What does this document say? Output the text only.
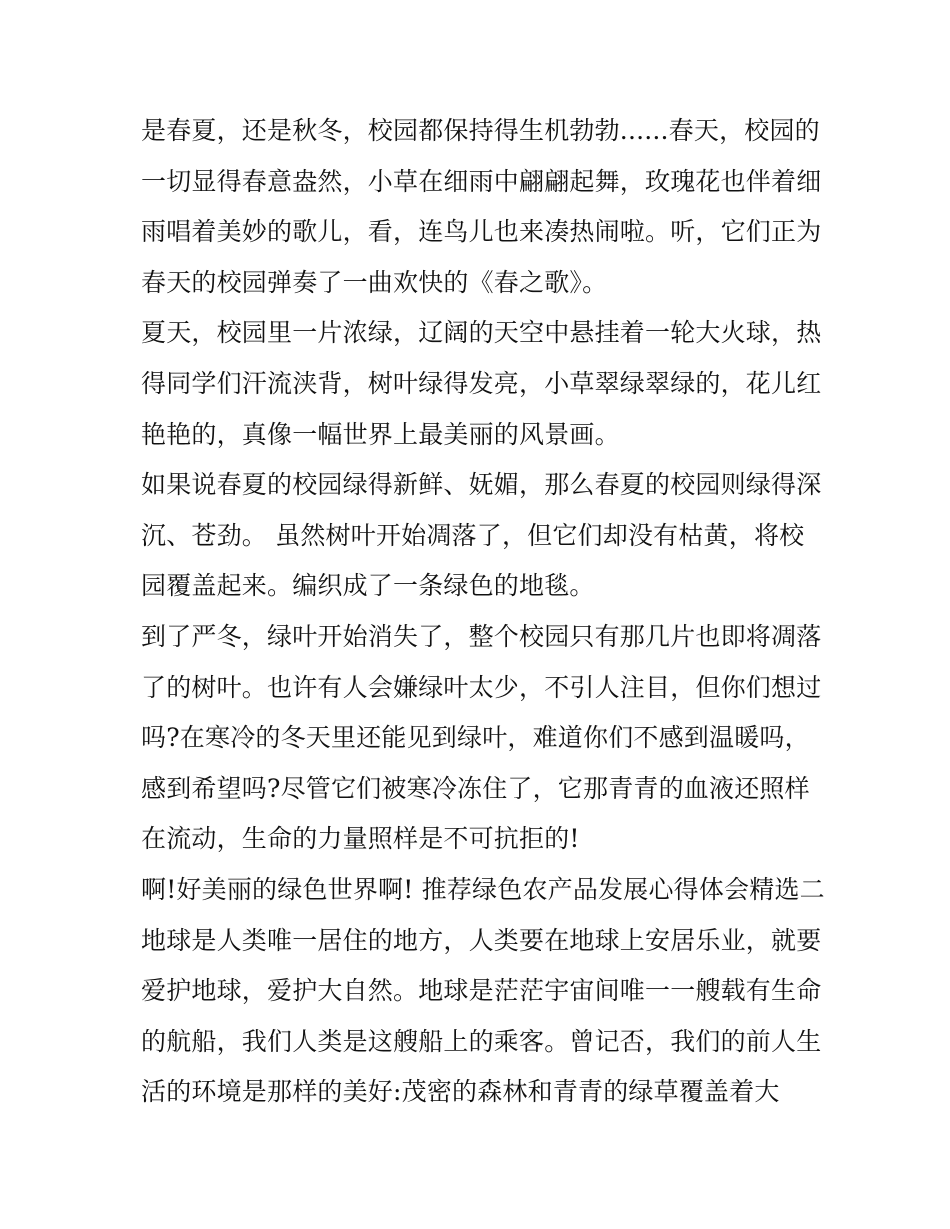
是春夏，还是秋冬，校园都保持得生机勃勃......春天，校园的
一切显得春意盎然，小草在细雨中翩翩起舞，玫瑰花也伴着细
雨唱着美妙的歌儿，看，连鸟儿也来凑热闹啦。听，它们正为
春天的校园弹奏了一曲欢快的《春之歌》。
夏天，校园里一片浓绿，辽阔的天空中悬挂着一轮大火球，热
得同学们汗流浃背，树叶绿得发亮，小草翠绿翠绿的，花儿红
艳艳的，真像一幅世界上最美丽的风景画。
如果说春夏的校园绿得新鲜、妩媚，那么春夏的校园则绿得深
沉、苍劲。 虽然树叶开始凋落了，但它们却没有枯黄，将校
园覆盖起来。编织成了一条绿色的地毯。
到了严冬，绿叶开始消失了，整个校园只有那几片也即将凋落
了的树叶。也许有人会嫌绿叶太少，不引人注目，但你们想过
吗?在寒冷的冬天里还能见到绿叶，难道你们不感到温暖吗，
感到希望吗?尽管它们被寒冷冻住了，它那青青的血液还照样
在流动，生命的力量照样是不可抗拒的!
啊!好美丽的绿色世界啊! 推荐绿色农产品发展心得体会精选二
地球是人类唯一居住的地方，人类要在地球上安居乐业，就要
爱护地球，爱护大自然。地球是茫茫宇宙间唯一一艘载有生命
的航船，我们人类是这艘船上的乘客。曾记否，我们的前人生
活的环境是那样的美好:茂密的森林和青青的绿草覆盖着大
